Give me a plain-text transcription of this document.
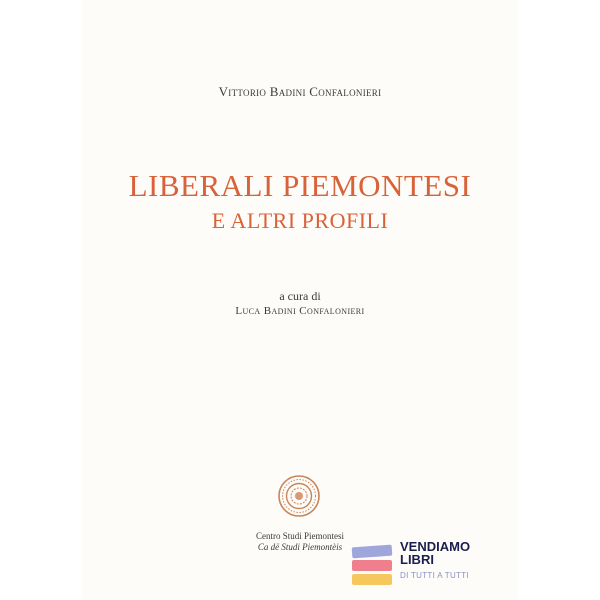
Vittorio Badini Confalonieri
LIBERALI PIEMONTESI
E ALTRI PROFILI
a cura di
Luca Badini Confalonieri
Centro Studi Piemontesi
Ca dë Studi Piemontèis	VENDIAMO
LIBRI
DI TUTTI A TUTTI
